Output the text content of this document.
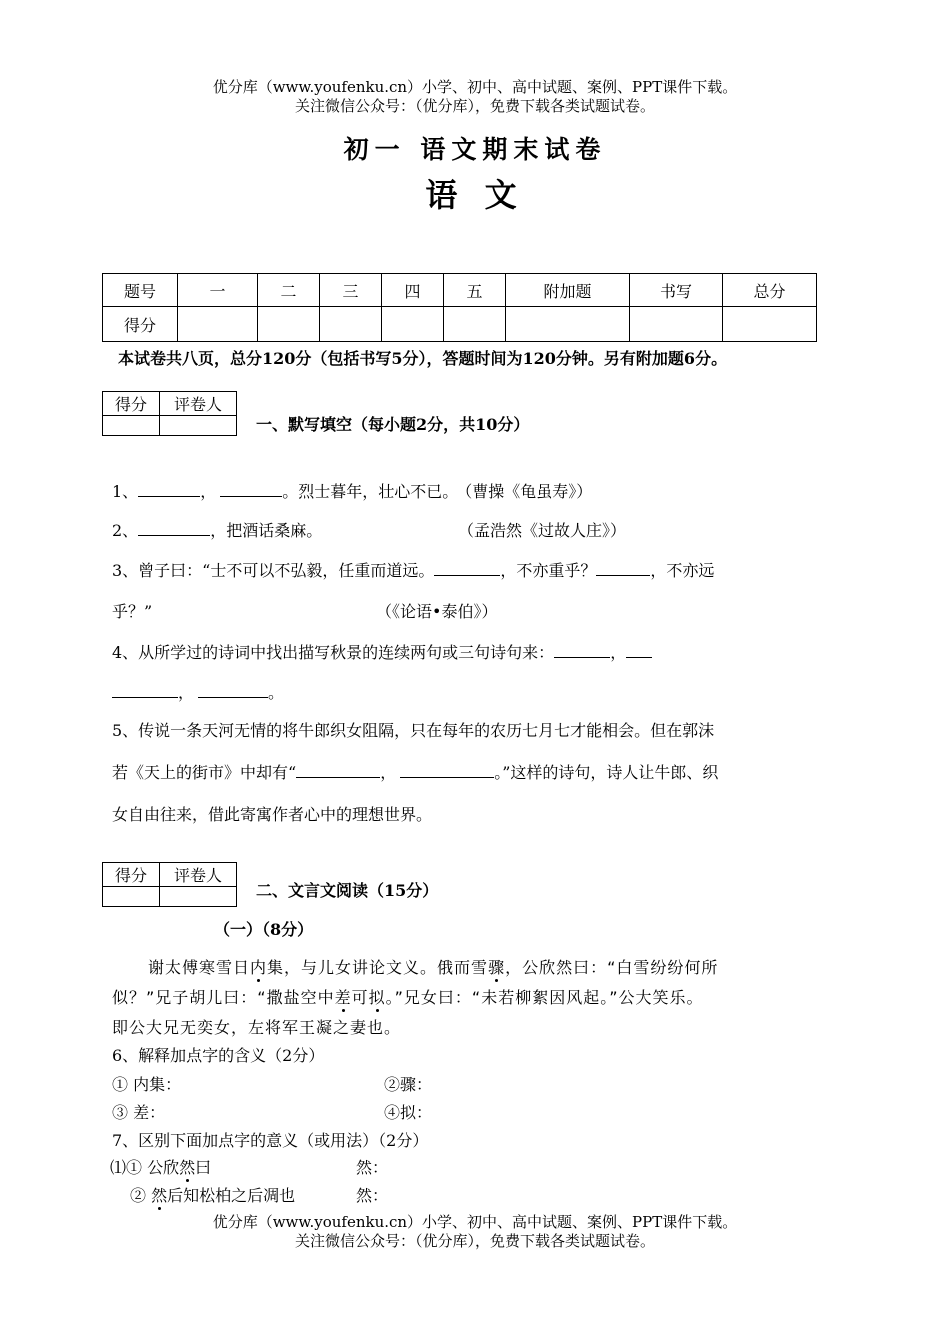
优分库（www.youfenku.cn）小学、初中、高中试题、案例、PPT课件下载。
关注微信公众号：（优分库），免费下载各类试题试卷。
初一 语文期末试卷
语 文
题号	一	二	三	四	五	附加题	书写	总分
得分								
本试卷共八页，总分120分（包括书写5分），答题时间为120分钟。另有附加题6分。
得分	评卷人

一、默写填空（每小题2分，共10分）
1、	，	。烈士暮年，壮心不已。 （曹操《龟虽寿》）
2、	，把酒话桑麻。	（孟浩然《过故人庄》）
3、曾子曰：“士不可以不弘毅，任重而道远。	，不亦重乎？	，不亦远
乎？”	（《论语•泰伯》）
4、从所学过的诗词中找出描写秋景的连续两句或三句诗句来：	，
，	。
5、传说一条天河无情的将牛郎织女阻隔，只在每年的农历七月七才能相会。但在郭沫
若《天上的街市》中却有“	，	。”这样的诗句，诗人让牛郎、织
女自由往来，借此寄寓作者心中的理想世界。
得分	评卷人

二、文言文阅读（15分）
（一）（8分）
谢太傅寒雪日内集，与儿女讲论文义。俄而雪骤，公欣然曰：“白雪纷纷何所
似？”兄子胡儿曰：“撒盐空中差可拟。”兄女曰：“未若柳絮因风起。”公大笑乐。
即公大兄无奕女，左将军王凝之妻也。
6、解释加点字的含义（2分）
① 内集：	②骤：
③ 差：	④拟：
7、区别下面加点字的意义（或用法）（2分）
⑴① 公欣然曰	然：
② 然后知松柏之后凋也	然：
优分库（www.youfenku.cn）小学、初中、高中试题、案例、PPT课件下载。
关注微信公众号：（优分库），免费下载各类试题试卷。
